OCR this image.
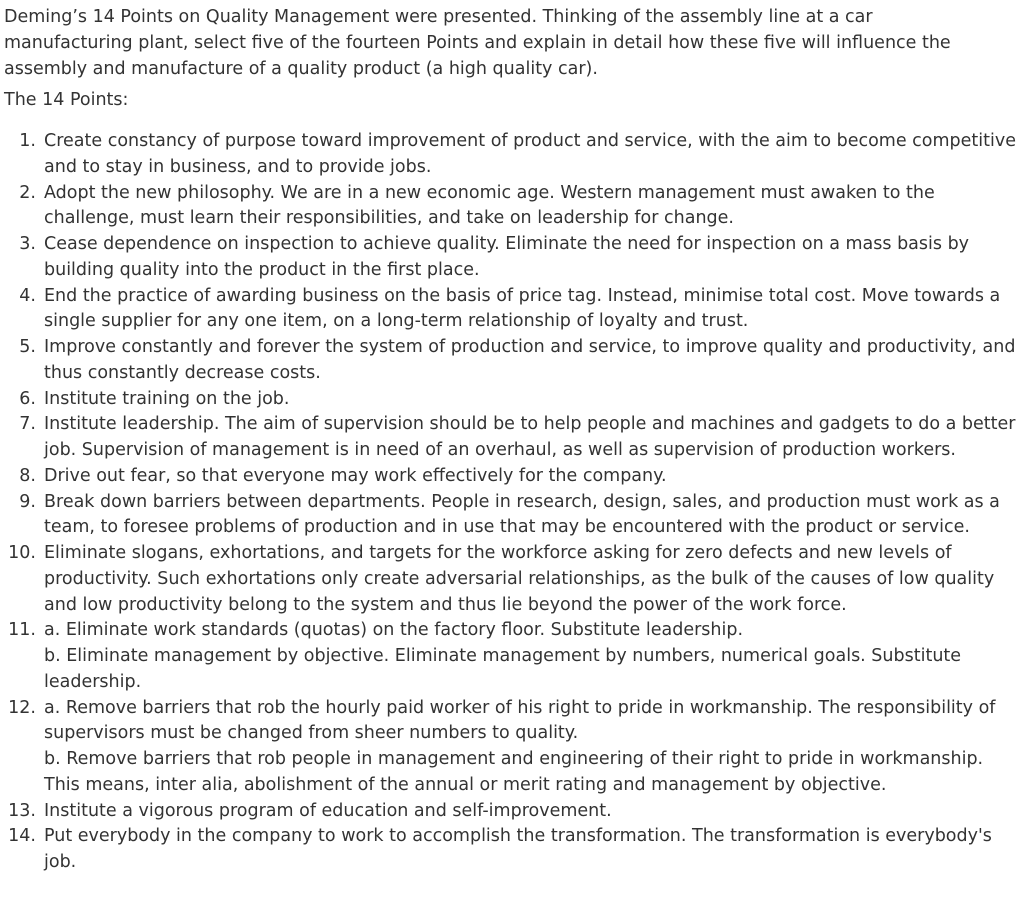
Deming’s 14 Points on Quality Management were presented. Thinking of the assembly line at a car manufacturing plant, select five of the fourteen Points and explain in detail how these five will influence the assembly and manufacture of a quality product (a high quality car).

The 14 Points:

1. Create constancy of purpose toward improvement of product and service, with the aim to become competitive and to stay in business, and to provide jobs.
2. Adopt the new philosophy. We are in a new economic age. Western management must awaken to the challenge, must learn their responsibilities, and take on leadership for change.
3. Cease dependence on inspection to achieve quality. Eliminate the need for inspection on a mass basis by building quality into the product in the first place.
4. End the practice of awarding business on the basis of price tag. Instead, minimise total cost. Move towards a single supplier for any one item, on a long-term relationship of loyalty and trust.
5. Improve constantly and forever the system of production and service, to improve quality and productivity, and thus constantly decrease costs.
6. Institute training on the job.
7. Institute leadership. The aim of supervision should be to help people and machines and gadgets to do a better job. Supervision of management is in need of an overhaul, as well as supervision of production workers.
8. Drive out fear, so that everyone may work effectively for the company.
9. Break down barriers between departments. People in research, design, sales, and production must work as a team, to foresee problems of production and in use that may be encountered with the product or service.
10. Eliminate slogans, exhortations, and targets for the workforce asking for zero defects and new levels of productivity. Such exhortations only create adversarial relationships, as the bulk of the causes of low quality and low productivity belong to the system and thus lie beyond the power of the work force.
11. a. Eliminate work standards (quotas) on the factory floor. Substitute leadership.
b. Eliminate management by objective. Eliminate management by numbers, numerical goals. Substitute leadership.
12. a. Remove barriers that rob the hourly paid worker of his right to pride in workmanship. The responsibility of supervisors must be changed from sheer numbers to quality.
b. Remove barriers that rob people in management and engineering of their right to pride in workmanship. This means, inter alia, abolishment of the annual or merit rating and management by objective.
13. Institute a vigorous program of education and self-improvement.
14. Put everybody in the company to work to accomplish the transformation. The transformation is everybody's job.
